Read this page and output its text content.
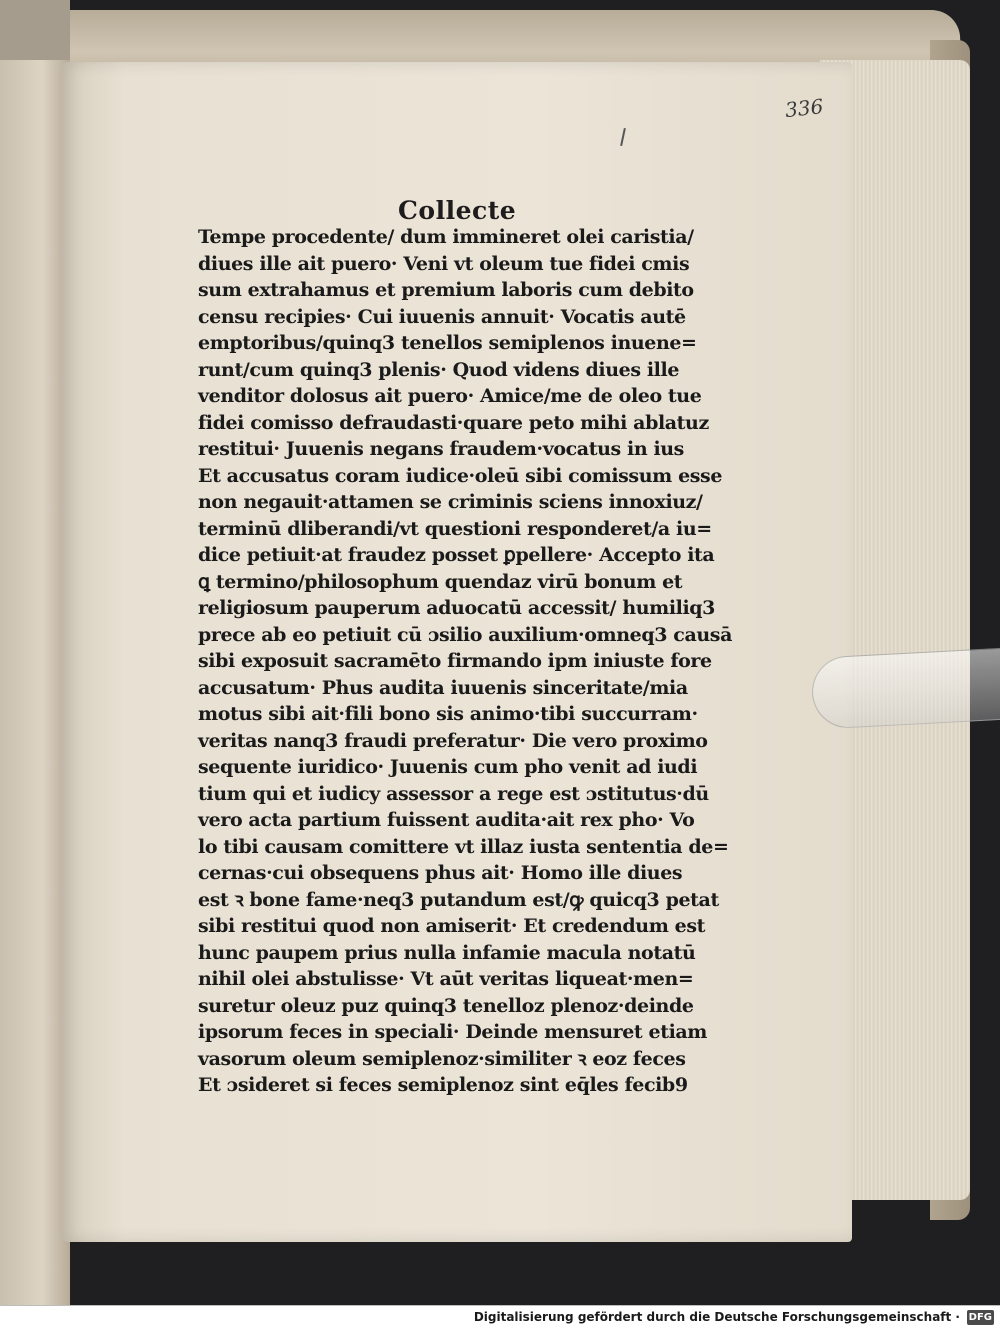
336
Collecte
Tempe procedente/ dum immineret olei caristia/
diues ille ait puero· Veni vt oleum tue fidei cmis
sum extrahamus et premium laboris cum debito
censu recipies· Cui iuuenis annuit· Vocatis autē
emptoribus/quinq3 tenellos semiplenos inuene=
runt/cum quinq3 plenis· Quod videns diues ille
venditor dolosus ait puero· Amice/me de oleo tue
fidei comisso defraudasti·quare peto mihi ablatuz
restitui· Juuenis negans fraudem·vocatus in ius
Et accusatus coram iudice·oleū sibi comissum esse
non negauit·attamen se criminis sciens innoxiuz/
terminū dliberandi/vt questioni responderet/a iu=
dice petiuit·at fraudez posset ꝑpellere· Accepto ita
ꝗ termino/philosophum quendaz virū bonum et
religiosum pauperum aduocatū accessit/ humiliq3
prece ab eo petiuit cū ɔsilio auxilium·omneq3 causā
sibi exposuit sacramēto firmando ipm iniuste fore
accusatum· Phus audita iuuenis sinceritate/mia
motus sibi ait·fili bono sis animo·tibi succurram·
veritas nanq3 fraudi preferatur· Die vero proximo
sequente iuridico· Juuenis cum pho venit ad iudi
tium qui et iudicy assessor a rege est ɔstitutus·dū
vero acta partium fuissent audita·ait rex pho· Vo
lo tibi causam comittere vt illaz iusta sententia de=
cernas·cui obsequens phus ait· Homo ille diues
est ꝛ bone fame·neq3 putandum est/ꝙ quicq3 petat
sibi restitui quod non amiserit· Et credendum est
hunc paupem prius nulla infamie macula notatū
nihil olei abstulisse· Vt aūt veritas liqueat·men=
suretur oleuz puz quinq3 tenelloz plenoz·deinde
ipsorum feces in speciali· Deinde mensuret etiam
vasorum oleum semiplenoz·similiter ꝛ eoz feces
Et ɔsideret si feces semiplenoz sint eq̄les fecib9
Digitalisierung gefördert durch die Deutsche Forschungsgemeinschaft · DFG
